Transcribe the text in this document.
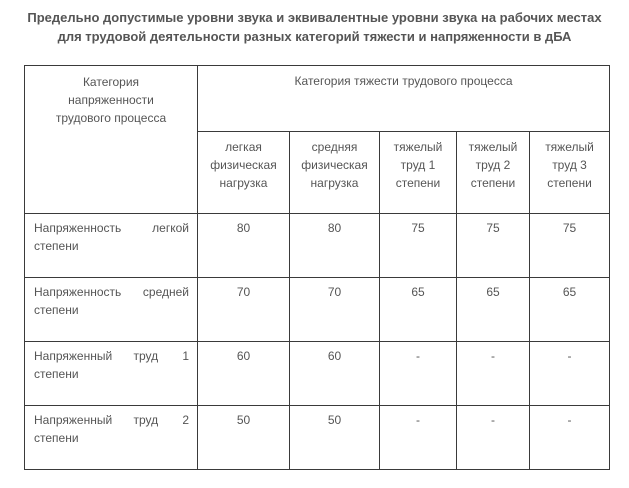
Предельно допустимые уровни звука и эквивалентные уровни звука на рабочих местах
для трудовой деятельности разных категорий тяжести и напряженности в дБА
Категория напряженности трудового процесса	Категория тяжести трудового процесса				

	легкая физическая нагрузка	средняя физическая нагрузка	тяжелый труд 1 степени	тяжелый труд 2 степени	тяжелый труд 3 степени

Напряженность легкой
степени	80	80	75	75	75

Напряженность средней
степени	70	70	65	65	65

Напряженный труд 1
степени	60	60	-	-	-

Напряженный труд 2
степени	50	50	-	-	-
